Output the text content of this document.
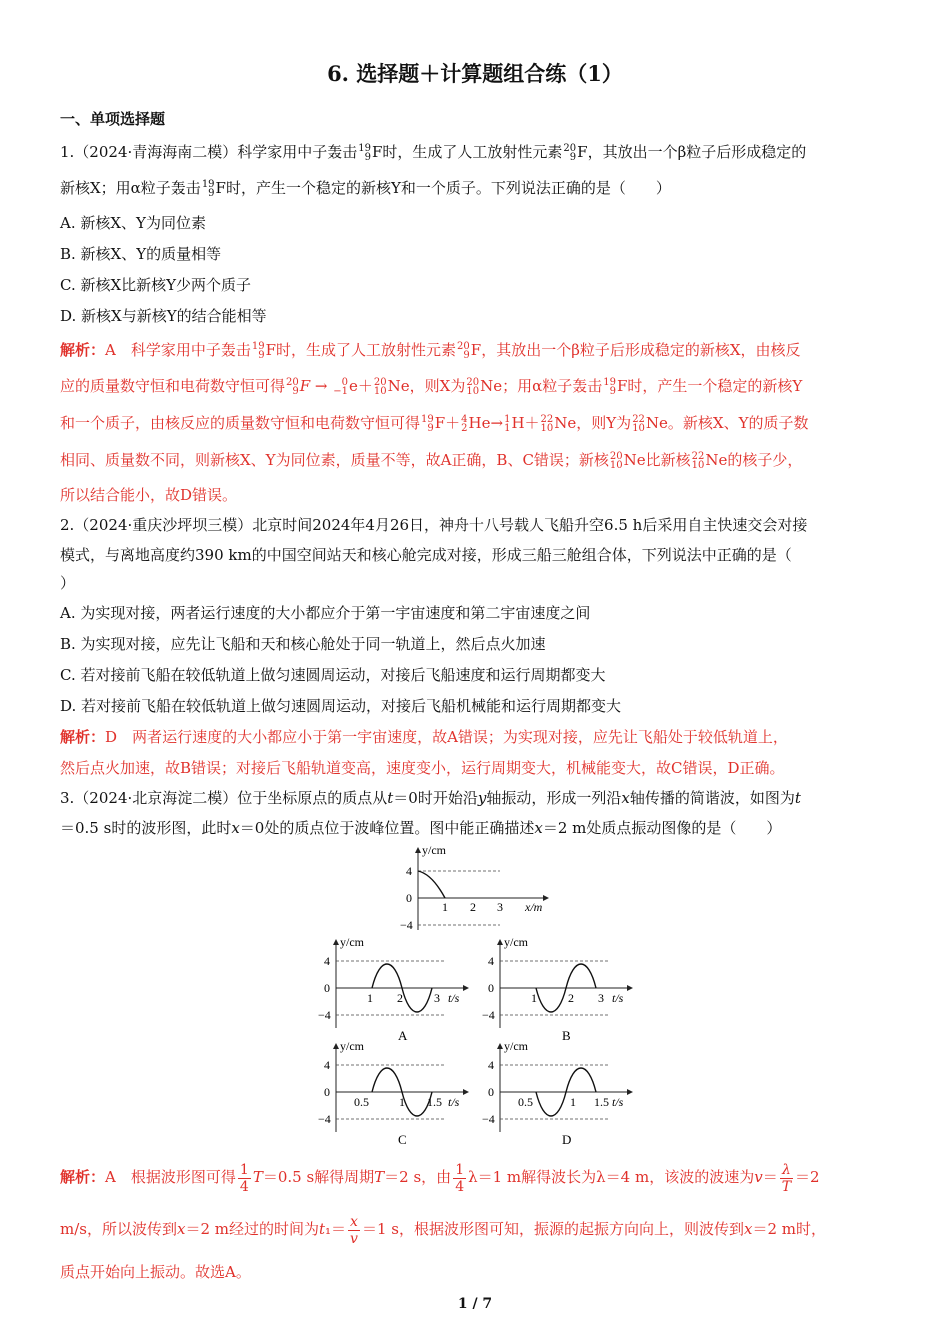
6. 选择题＋计算题组合练（1）
一、单项选择题
1.（2024·青海海南二模）科学家用中子轰击 19
9 F时，生成了人工放射性元素 20
9 F，其放出一个β粒子后形成稳定的
新核X；用α粒子轰击 19
9 F时，产生一个稳定的新核Y和一个质子。下列说法正确的是（　　）
A. 新核X、Y为同位素
B. 新核X、Y的质量相等
C. 新核X比新核Y少两个质子
D. 新核X与新核Y的结合能相等
解析：A　 科学家用中子轰击 19
9 F时，生成了人工放射性元素 20
9 F，其放出一个β粒子后形成稳定的新核X，由核反
应的质量数守恒和电荷数守恒可得 20
9 F → 0
−1 e＋ 20
10 Ne，则X为 20
10 Ne；用α粒子轰击 19
9 F时，产生一个稳定的新核Y
和一个质子，由核反应的质量数守恒和电荷数守恒可得 19
9 F＋ 4
2 He→ 1
1 H＋ 22
10 Ne，则Y为 22
10 Ne。新核X、Y的质子数
相同、质量数不同，则新核X、Y为同位素，质量不等，故A正确，B、C错误；新核 20
10 Ne比新核 22
10 Ne的核子少，
所以结合能小，故D错误。
2.（2024·重庆沙坪坝三模）北京时间2024年4月26日，神舟十八号载人飞船升空6.5 h后采用自主快速交会对接
模式，与离地高度约390 km的中国空间站天和核心舱完成对接，形成三船三舱组合体，下列说法中正确的是（
）
A. 为实现对接，两者运行速度的大小都应介于第一宇宙速度和第二宇宙速度之间
B. 为实现对接，应先让飞船和天和核心舱处于同一轨道上，然后点火加速
C. 若对接前飞船在较低轨道上做匀速圆周运动，对接后飞船速度和运行周期都变大
D. 若对接前飞船在较低轨道上做匀速圆周运动，对接后飞船机械能和运行周期都变大
解析：D　 两者运行速度的大小都应小于第一宇宙速度，故A错误；为实现对接，应先让飞船处于较低轨道上，
然后点火加速，故B错误；对接后飞船轨道变高，速度变小，运行周期变大，机械能变大，故C错误，D正确。
3.（2024·北京海淀二模）位于坐标原点的质点从t＝0时开始沿y轴振动，形成一列沿x轴传播的简谐波，如图为t
＝0.5 s时的波形图，此时x＝0处的质点位于波峰位置。图中能正确描述x＝2 m处质点振动图像的是（　　）
y/cm
x/m
4
0
−4
1 2 3
y/cm
4
0
−4
1 2	3 t/s
A
y/cm
4
0
−4
1	2 3 t/s
B
y/cm
4
0
−4
0.5	1 1.5 t/s
C
y/cm
4
0
−4
0.5	1 1.5 t/s
D
解析：A　 根据波形图可得 $\frac{1}{4} T=0.5$ s解得周期T＝2 s，由 $\frac{1}{4} \lambda=1$ m解得波长为λ＝4 m，该波的波速为$v= \frac{\lambda}{T} =2$
m/s，所以波传到x＝2 m经过的时间为$t_1= \frac{x}{v} =1$ s，根据波形图可知，振源的起振方向向上，则波传到x＝2 m时，
质点开始向上振动。故选A。
1 / 7
